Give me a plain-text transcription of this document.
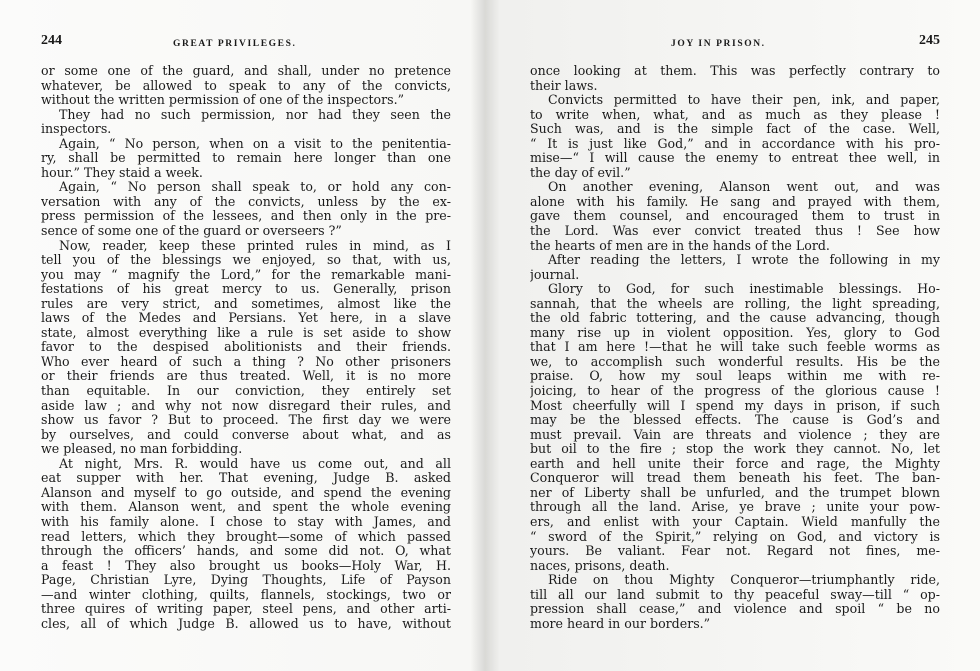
244	GREAT PRIVILEGES.
or some one of the guard, and shall, under no pretence
whatever, be allowed to speak to any of the convicts,
without the written permission of one of the inspectors.”
They had no such permission, nor had they seen the
inspectors.
Again, “ No person, when on a visit to the penitentia-
ry, shall be permitted to remain here longer than one
hour.” They staid a week.
Again, “ No person shall speak to, or hold any con-
versation with any of the convicts, unless by the ex-
press permission of the lessees, and then only in the pre-
sence of some one of the guard or overseers ?”
Now, reader, keep these printed rules in mind, as I
tell you of the blessings we enjoyed, so that, with us,
you may “ magnify the Lord,” for the remarkable mani-
festations of his great mercy to us. Generally, prison
rules are very strict, and sometimes, almost like the
laws of the Medes and Persians. Yet here, in a slave
state, almost everything like a rule is set aside to show
favor to the despised abolitionists and their friends.
Who ever heard of such a thing ? No other prisoners
or their friends are thus treated. Well, it is no more
than equitable. In our conviction, they entirely set
aside law ; and why not now disregard their rules, and
show us favor ? But to proceed. The first day we were
by ourselves, and could converse about what, and as
we pleased, no man forbidding.
At night, Mrs. R. would have us come out, and all
eat supper with her. That evening, Judge B. asked
Alanson and myself to go outside, and spend the evening
with them. Alanson went, and spent the whole evening
with his family alone. I chose to stay with James, and
read letters, which they brought—some of which passed
through the officers’ hands, and some did not. O, what
a feast ! They also brought us books—Holy War, H.
Page, Christian Lyre, Dying Thoughts, Life of Payson
—and winter clothing, quilts, flannels, stockings, two or
three quires of writing paper, steel pens, and other arti-
cles, all of which Judge B. allowed us to have, without
JOY IN PRISON.	245
once looking at them. This was perfectly contrary to
their laws.
Convicts permitted to have their pen, ink, and paper,
to write when, what, and as much as they please !
Such was, and is the simple fact of the case. Well,
“ It is just like God,” and in accordance with his pro-
mise—“ I will cause the enemy to entreat thee well, in
the day of evil.”
On another evening, Alanson went out, and was
alone with his family. He sang and prayed with them,
gave them counsel, and encouraged them to trust in
the Lord. Was ever convict treated thus ! See how
the hearts of men are in the hands of the Lord.
After reading the letters, I wrote the following in my
journal.
Glory to God, for such inestimable blessings. Ho-
sannah, that the wheels are rolling, the light spreading,
the old fabric tottering, and the cause advancing, though
many rise up in violent opposition. Yes, glory to God
that I am here !—that he will take such feeble worms as
we, to accomplish such wonderful results. His be the
praise. O, how my soul leaps within me with re-
joicing, to hear of the progress of the glorious cause !
Most cheerfully will I spend my days in prison, if such
may be the blessed effects. The cause is God’s and
must prevail. Vain are threats and violence ; they are
but oil to the fire ; stop the work they cannot. No, let
earth and hell unite their force and rage, the Mighty
Conqueror will tread them beneath his feet. The ban-
ner of Liberty shall be unfurled, and the trumpet blown
through all the land. Arise, ye brave ; unite your pow-
ers, and enlist with your Captain. Wield manfully the
“ sword of the Spirit,” relying on God, and victory is
yours. Be valiant. Fear not. Regard not fines, me-
naces, prisons, death.
Ride on thou Mighty Conqueror—triumphantly ride,
till all our land submit to thy peaceful sway—till “ op-
pression shall cease,” and violence and spoil “ be no
more heard in our borders.”
